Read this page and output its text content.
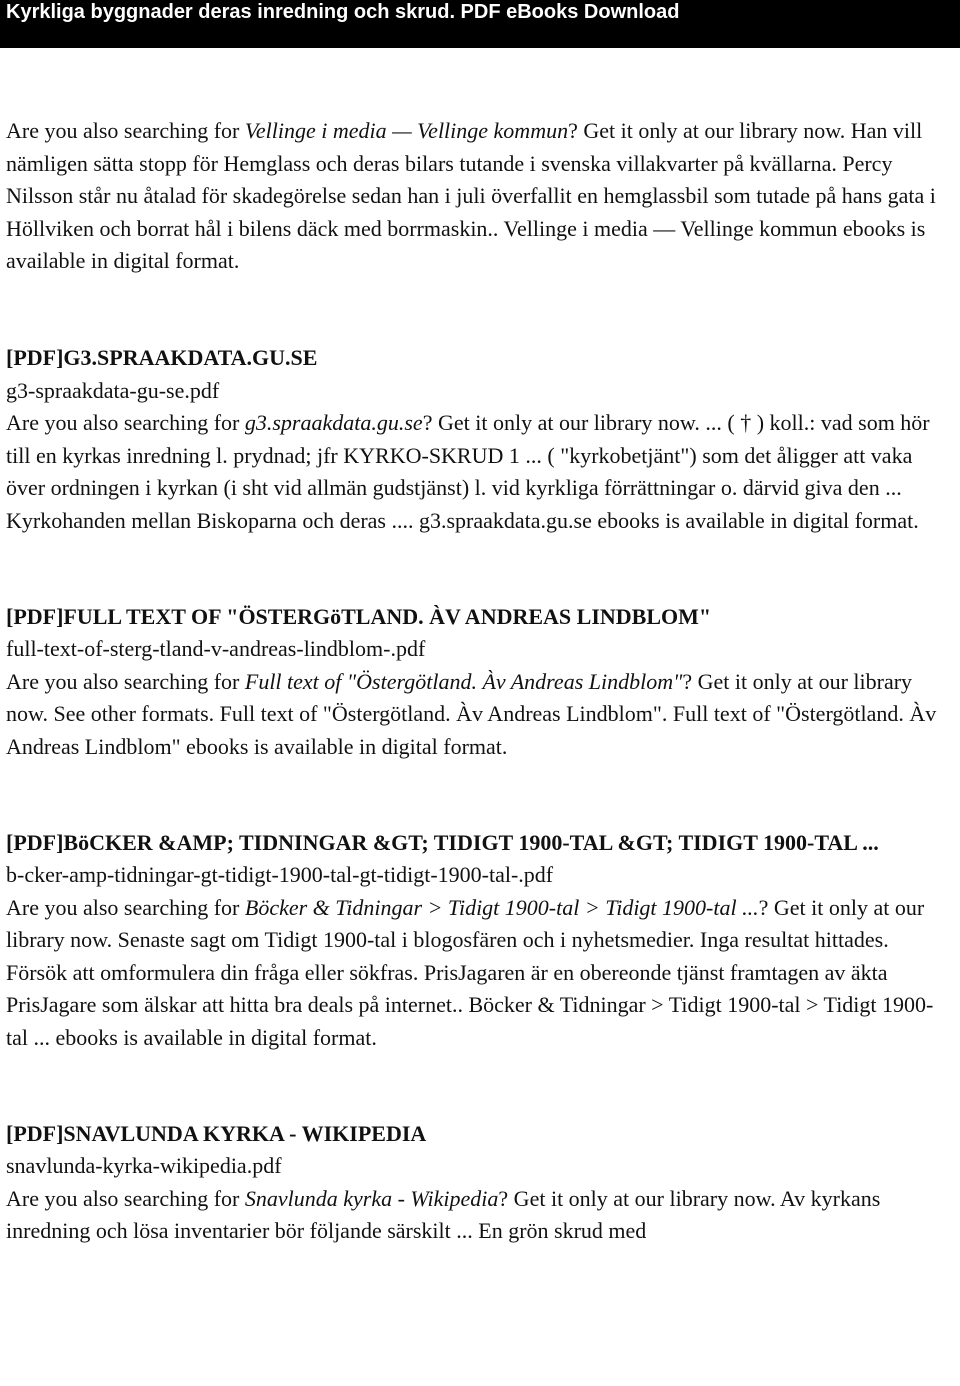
Kyrkliga byggnader deras inredning och skrud. PDF eBooks Download

Are you also searching for Vellinge i media — Vellinge kommun? Get it only at our library now. Han vill nämligen sätta stopp för Hemglass och deras bilars tutande i svenska villakvarter på kvällarna. Percy Nilsson står nu åtalad för skadegörelse sedan han i juli överfallit en hemglassbil som tutade på hans gata i Höllviken och borrat hål i bilens däck med borrmaskin.. Vellinge i media — Vellinge kommun ebooks is available in digital format.

[PDF]G3.SPRAAKDATA.GU.SE
g3-spraakdata-gu-se.pdf

Are you also searching for g3.spraakdata.gu.se? Get it only at our library now. ... ( † ) koll.: vad som hör till en kyrkas inredning l. prydnad; jfr KYRKO-SKRUD 1 ... ( "kyrkobetjänt") som det åligger att vaka över ordningen i kyrkan (i sht vid allmän gudstjänst) l. vid kyrkliga förrättningar o. därvid giva den ... Kyrkohanden mellan Biskoparna och deras .... g3.spraakdata.gu.se ebooks is available in digital format.

[PDF]FULL TEXT OF "ÖSTERGöTLAND. ÀV ANDREAS LINDBLOM"
full-text-of-sterg-tland-v-andreas-lindblom-.pdf

Are you also searching for Full text of "Östergötland. Àv Andreas Lindblom"? Get it only at our library now. See other formats. Full text of "Östergötland. Àv Andreas Lindblom". Full text of "Östergötland. Àv Andreas Lindblom" ebooks is available in digital format.

[PDF]BöCKER &AMP; TIDNINGAR &GT; TIDIGT 1900-TAL &GT; TIDIGT 1900-TAL ...
b-cker-amp-tidningar-gt-tidigt-1900-tal-gt-tidigt-1900-tal-.pdf

Are you also searching for Böcker & Tidningar > Tidigt 1900-tal > Tidigt 1900-tal ...? Get it only at our library now. Senaste sagt om Tidigt 1900-tal i blogosfären och i nyhetsmedier. Inga resultat hittades. Försök att omformulera din fråga eller sökfras. PrisJagaren är en obereonde tjänst framtagen av äkta PrisJagare som älskar att hitta bra deals på internet.. Böcker & Tidningar > Tidigt 1900-tal > Tidigt 1900-tal ... ebooks is available in digital format.

[PDF]SNAVLUNDA KYRKA - WIKIPEDIA
snavlunda-kyrka-wikipedia.pdf

Are you also searching for Snavlunda kyrka - Wikipedia? Get it only at our library now. Av kyrkans inredning och lösa inventarier bör följande särskilt ... En grön skrud med
